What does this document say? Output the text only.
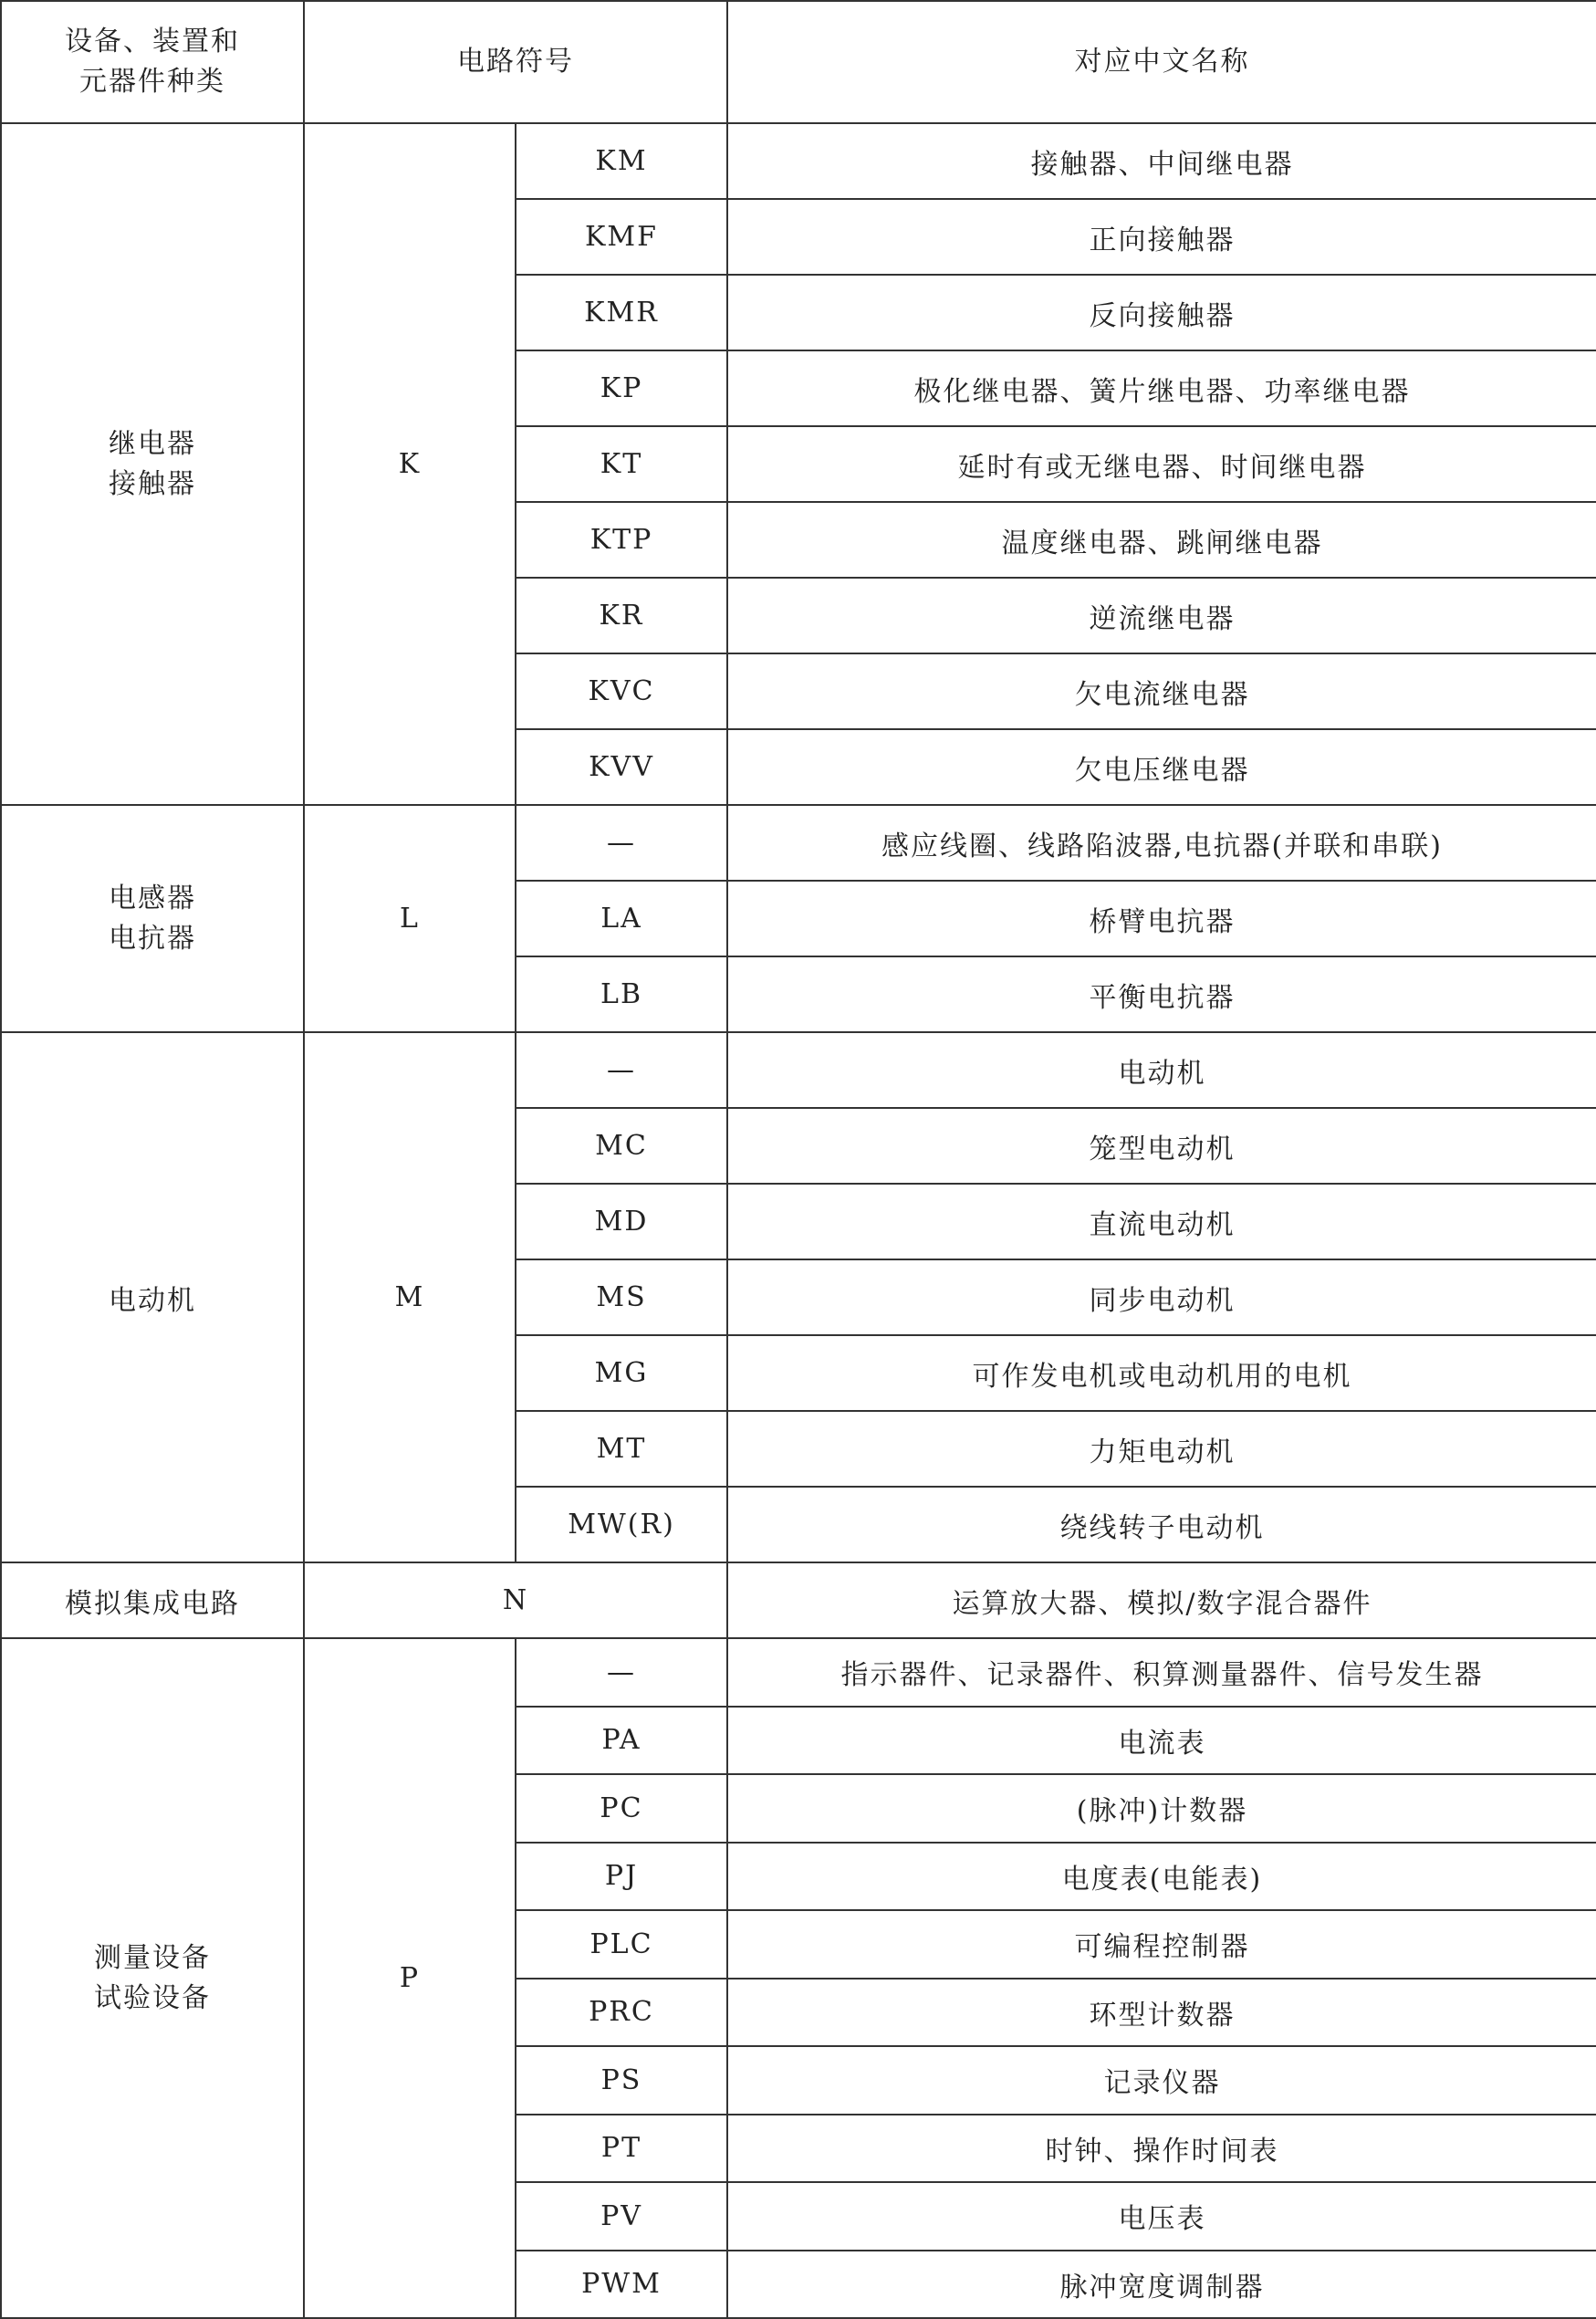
设备、装置和
元器件种类	电路符号		对应中文名称

继电器
接触器	K	KM	接触器、中间继电器
		KMF	正向接触器
		KMR	反向接触器
		KP	极化继电器、簧片继电器、功率继电器
		KT	延时有或无继电器、时间继电器
		KTP	温度继电器、跳闸继电器
		KR	逆流继电器
		KVC	欠电流继电器
		KVV	欠电压继电器

电感器
电抗器	L	—	感应线圈、线路陷波器,电抗器(并联和串联)
		LA	桥臂电抗器
		LB	平衡电抗器

电动机	M	—	电动机
		MC	笼型电动机
		MD	直流电动机
		MS	同步电动机
		MG	可作发电机或电动机用的电机
		MT	力矩电动机
		MW(R)	绕线转子电动机

模拟集成电路	N		运算放大器、模拟/数字混合器件

测量设备
试验设备	P	—	指示器件、记录器件、积算测量器件、信号发生器
		PA	电流表
		PC	(脉冲)计数器
		PJ	电度表(电能表)
		PLC	可编程控制器
		PRC	环型计数器
		PS	记录仪器
		PT	时钟、操作时间表
		PV	电压表
		PWM	脉冲宽度调制器
